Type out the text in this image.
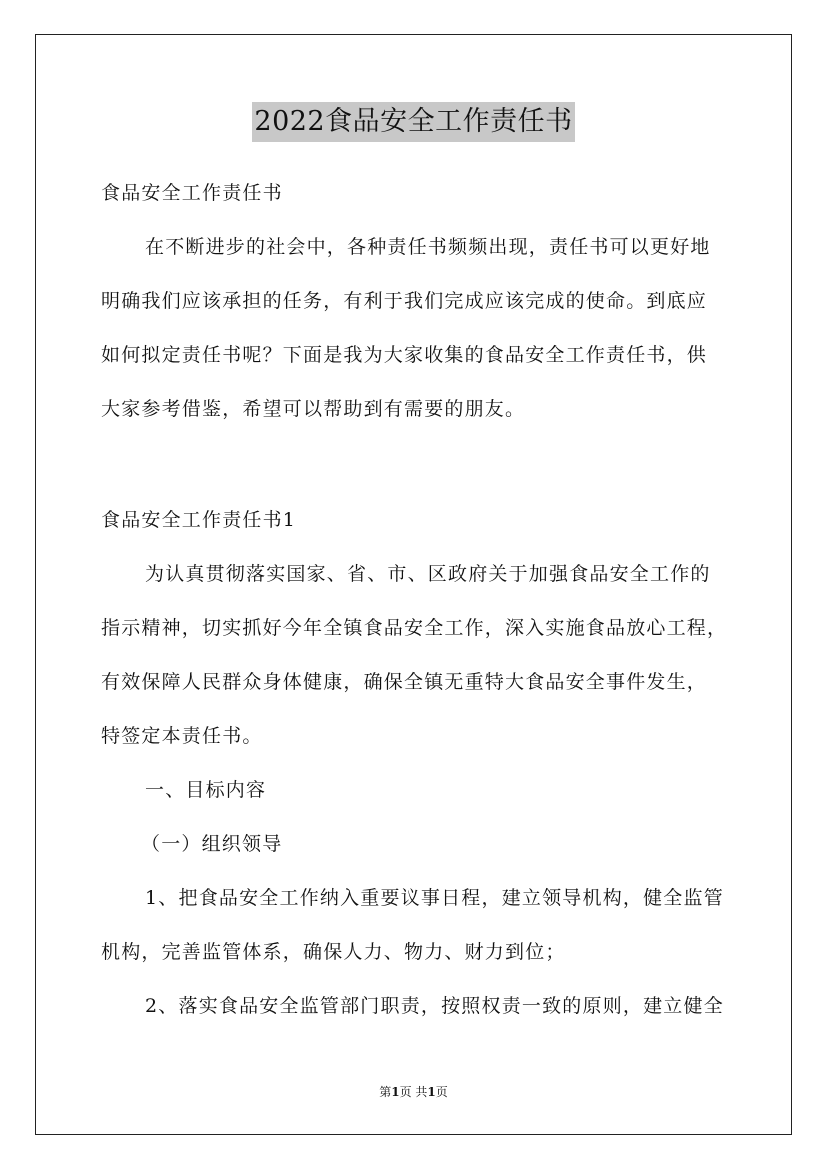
2022食品安全工作责任书
食品安全工作责任书
在不断进步的社会中，各种责任书频频出现，责任书可以更好地
明确我们应该承担的任务，有利于我们完成应该完成的使命。到底应
如何拟定责任书呢？下面是我为大家收集的食品安全工作责任书，供
大家参考借鉴，希望可以帮助到有需要的朋友。
食品安全工作责任书1
为认真贯彻落实国家、省、市、区政府关于加强食品安全工作的
指示精神，切实抓好今年全镇食品安全工作，深入实施食品放心工程，
有效保障人民群众身体健康，确保全镇无重特大食品安全事件发生，
特签定本责任书。
一、目标内容
（一）组织领导
1、把食品安全工作纳入重要议事日程，建立领导机构，健全监管
机构，完善监管体系，确保人力、物力、财力到位；
2、落实食品安全监管部门职责，按照权责一致的原则，建立健全
第1页 共1页
